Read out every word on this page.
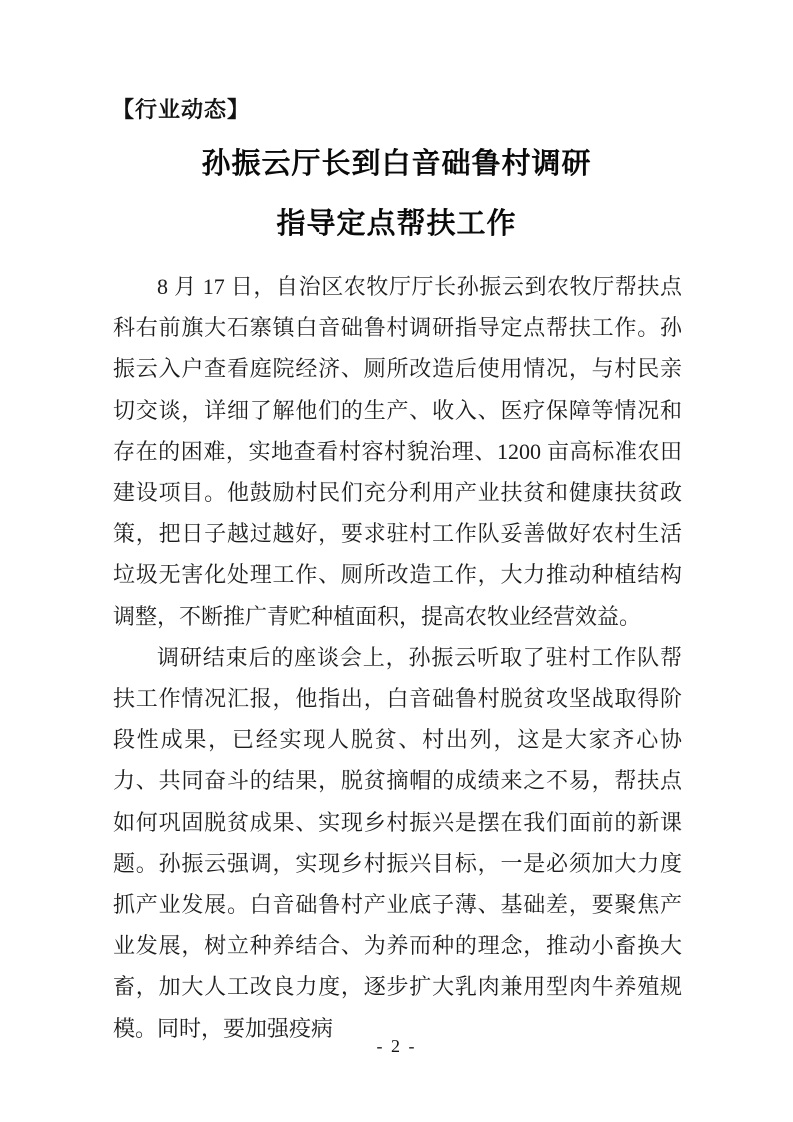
【行业动态】
孙振云厅长到白音础鲁村调研
指导定点帮扶工作

8 月 17 日，自治区农牧厅厅长孙振云到农牧厅帮扶点科右前旗大石寨镇白音础鲁村调研指导定点帮扶工作。孙振云入户查看庭院经济、厕所改造后使用情况，与村民亲切交谈，详细了解他们的生产、收入、医疗保障等情况和存在的困难，实地查看村容村貌治理、1200 亩高标准农田建设项目。他鼓励村民们充分利用产业扶贫和健康扶贫政策，把日子越过越好，要求驻村工作队妥善做好农村生活垃圾无害化处理工作、厕所改造工作，大力推动种植结构调整，不断推广青贮种植面积，提高农牧业经营效益。

调研结束后的座谈会上，孙振云听取了驻村工作队帮扶工作情况汇报，他指出，白音础鲁村脱贫攻坚战取得阶段性成果，已经实现人脱贫、村出列，这是大家齐心协力、共同奋斗的结果，脱贫摘帽的成绩来之不易，帮扶点如何巩固脱贫成果、实现乡村振兴是摆在我们面前的新课题。孙振云强调，实现乡村振兴目标，一是必须加大力度抓产业发展。白音础鲁村产业底子薄、基础差，要聚焦产业发展，树立种养结合、为养而种的理念，推动小畜换大畜，加大人工改良力度，逐步扩大乳肉兼用型肉牛养殖规模。同时，要加强疫病

- 2 -
